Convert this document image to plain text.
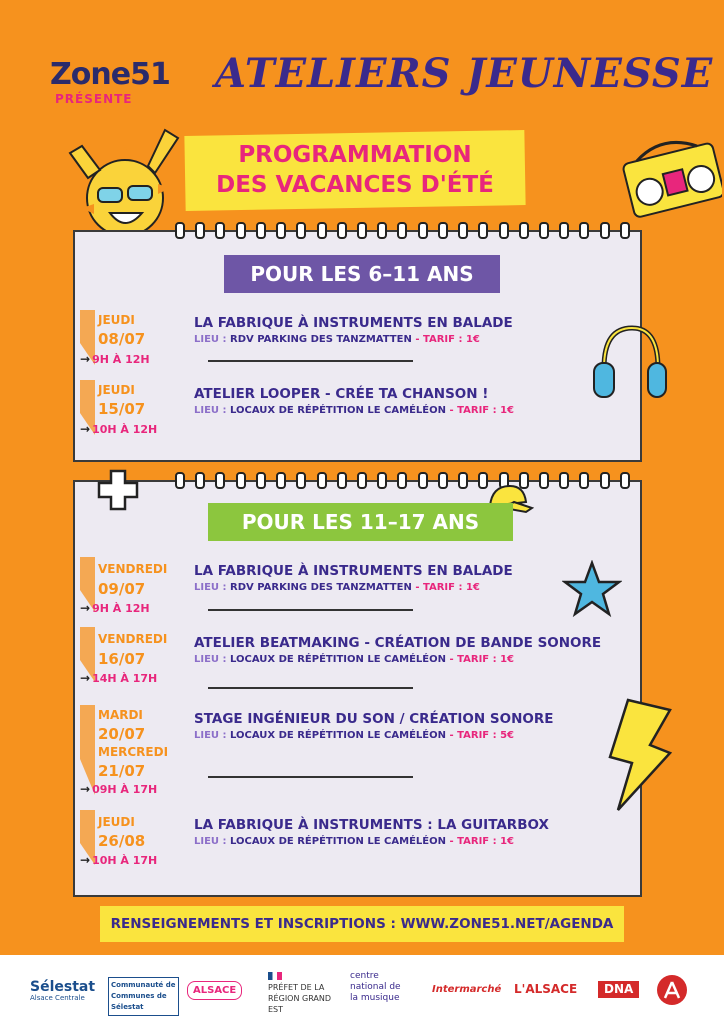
Zone51
PRÉSENTE
ATELIERS JEUNESSE
PROGRAMMATION
DES VACANCES D'ÉTÉ
POUR LES 6–11 ANS
JEUDI
08/07
→ 9H À 12H
LA FABRIQUE À INSTRUMENTS EN BALADE
LIEU : RDV PARKING DES TANZMATTEN - TARIF : 1€
JEUDI
15/07
→ 10H À 12H
ATELIER LOOPER - CRÉE TA CHANSON !
LIEU : LOCAUX DE RÉPÉTITION LE CAMÉLÉON - TARIF : 1€
POUR LES 11–17 ANS
VENDREDI
09/07
→ 9H À 12H
LA FABRIQUE À INSTRUMENTS EN BALADE
LIEU : RDV PARKING DES TANZMATTEN - TARIF : 1€
VENDREDI
16/07
→ 14H À 17H
ATELIER BEATMAKING - CRÉATION DE BANDE SONORE
LIEU : LOCAUX DE RÉPÉTITION LE CAMÉLÉON - TARIF : 1€
MARDI
20/07
MERCREDI
21/07
→ 09H À 17H
STAGE INGÉNIEUR DU SON / CRÉATION SONORE
LIEU : LOCAUX DE RÉPÉTITION LE CAMÉLÉON - TARIF : 5€
JEUDI
26/08
→ 10H À 17H
LA FABRIQUE À INSTRUMENTS : LA GUITARBOX
LIEU : LOCAUX DE RÉPÉTITION LE CAMÉLÉON - TARIF : 1€
RENSEIGNEMENTS ET INSCRIPTIONS : WWW.ZONE51.NET/AGENDA
Sélestat
Alsace Centrale
Communauté de Communes de Sélestat
ALSACE	PRÉFET DE LA RÉGION GRAND EST
centre national de la musique
Intermarché L'ALSACE	DNA
